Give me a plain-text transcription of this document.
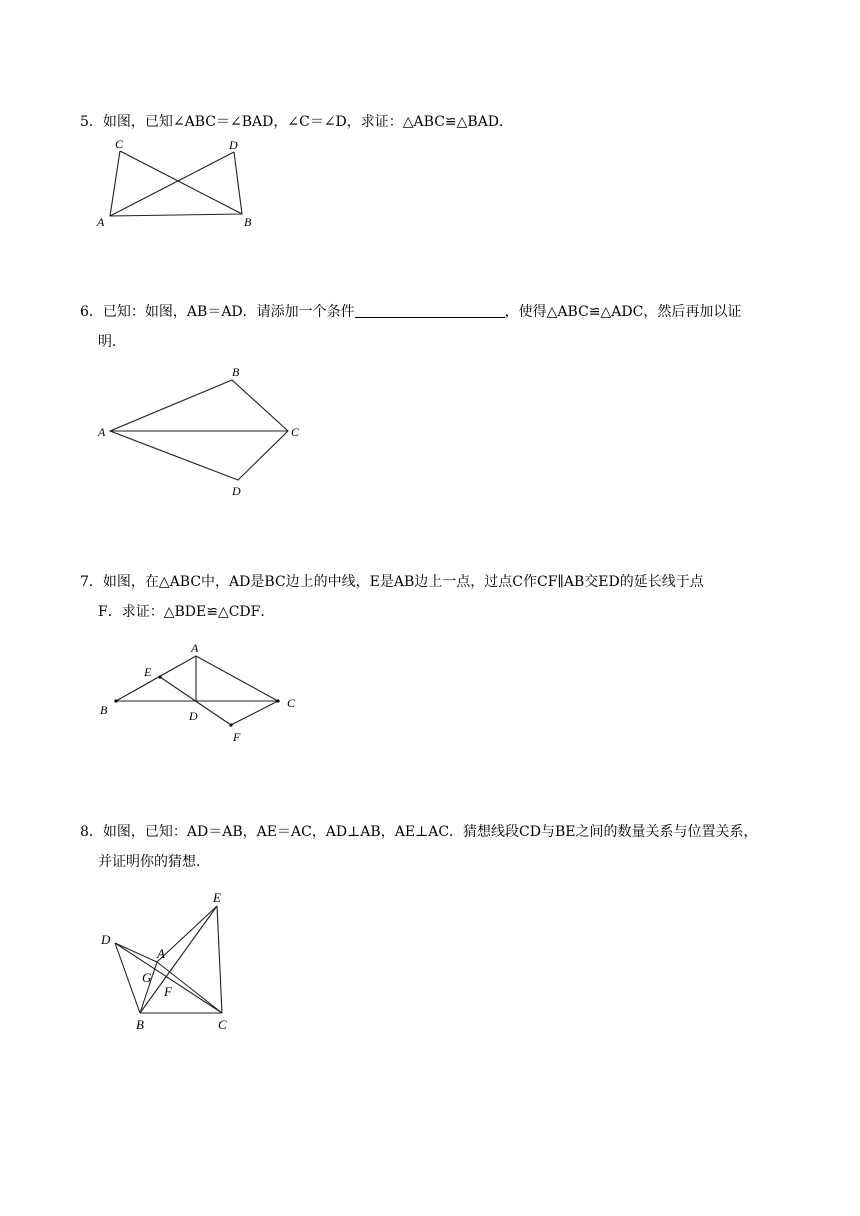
5．如图，已知∠ABC＝∠BAD，∠C＝∠D，求证：△ABC≌△BAD．
C	D
A	B
6．已知：如图，AB＝AD．请添加一个条件	，使得△ABC≌△ADC，然后再加以证
明．
B
A	C
D
7．如图，在△ABC中，AD是BC边上的中线，E是AB边上一点，过点C作CF∥AB交ED的延长线于点
F．求证：△BDE≌△CDF．
A
E
B	D
C
F
8．如图，已知：AD＝AB，AE＝AC，AD⊥AB，AE⊥AC．猜想线段CD与BE之间的数量关系与位置关系，
并证明你的猜想．
E
D
A
G
F
B	C
